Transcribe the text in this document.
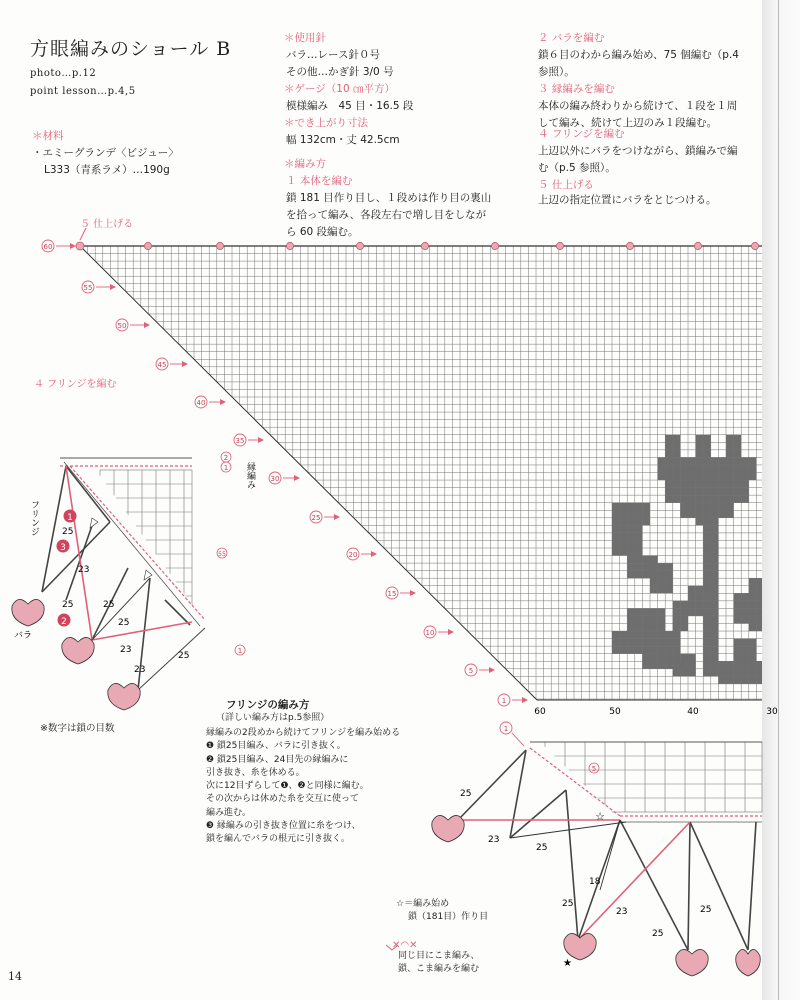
方眼編みのショール B
photo…p.12
point lesson…p.4,5
＊材料
・エミーグランデ〈ビジュー〉
L333（青系ラメ）…190g
＊使用針
バラ…レース針０号
その他…かぎ針 3/0 号
＊ゲージ（10 ㎝平方）
模様編み　45 目・16.5 段
＊でき上がり寸法
幅 132cm・丈 42.5cm
＊編み方
１ 本体を編む
鎖 181 目作り目し、１段めは作り目の裏山
を拾って編み、各段左右で増し目をしなが
ら 60 段編む。
２ バラを編む
鎖６目のわから編み始め、75 個編む（p.4
参照）。
３ 縁編みを編む
本体の編み終わりから続けて、１段を１周
して編み、続けて上辺のみ１段編む。
４ フリンジを編む
上辺以外にバラをつけながら、鎖編みで編
む（p.5 参照）。
５ 仕上げる
上辺の指定位置にバラをとじつける。
５ 仕上げる
４ フリンジを編む
60
55
50
45
40
35
30
25
20
15
10
5
1
60	50	40	30
2
1 縁編み
55
1
25
23
25	25
25
23
23
25
1
3
2
フリンジ
バラ
1
5
25
23
25
18
25
23
25
25
☆
★
✕◠✕
※数字は鎖の目数
フリンジの編み方
（詳しい編み方はp.5参照）
縁編みの2段めから続けてフリンジを編み始める
❶ 鎖25目編み、バラに引き抜く。
❷ 鎖25目編み、24目先の縁編みに
引き抜き、糸を休める。
次に12目ずらして❶、❷と同様に編む。
その次からは休めた糸を交互に使って
編み進む。
❸ 縁編みの引き抜き位置に糸をつけ、
鎖を編んでバラの根元に引き抜く。
☆＝編み始め
鎖（181目）作り目
同じ目にこま編み、
鎖、こま編みを編む
14
